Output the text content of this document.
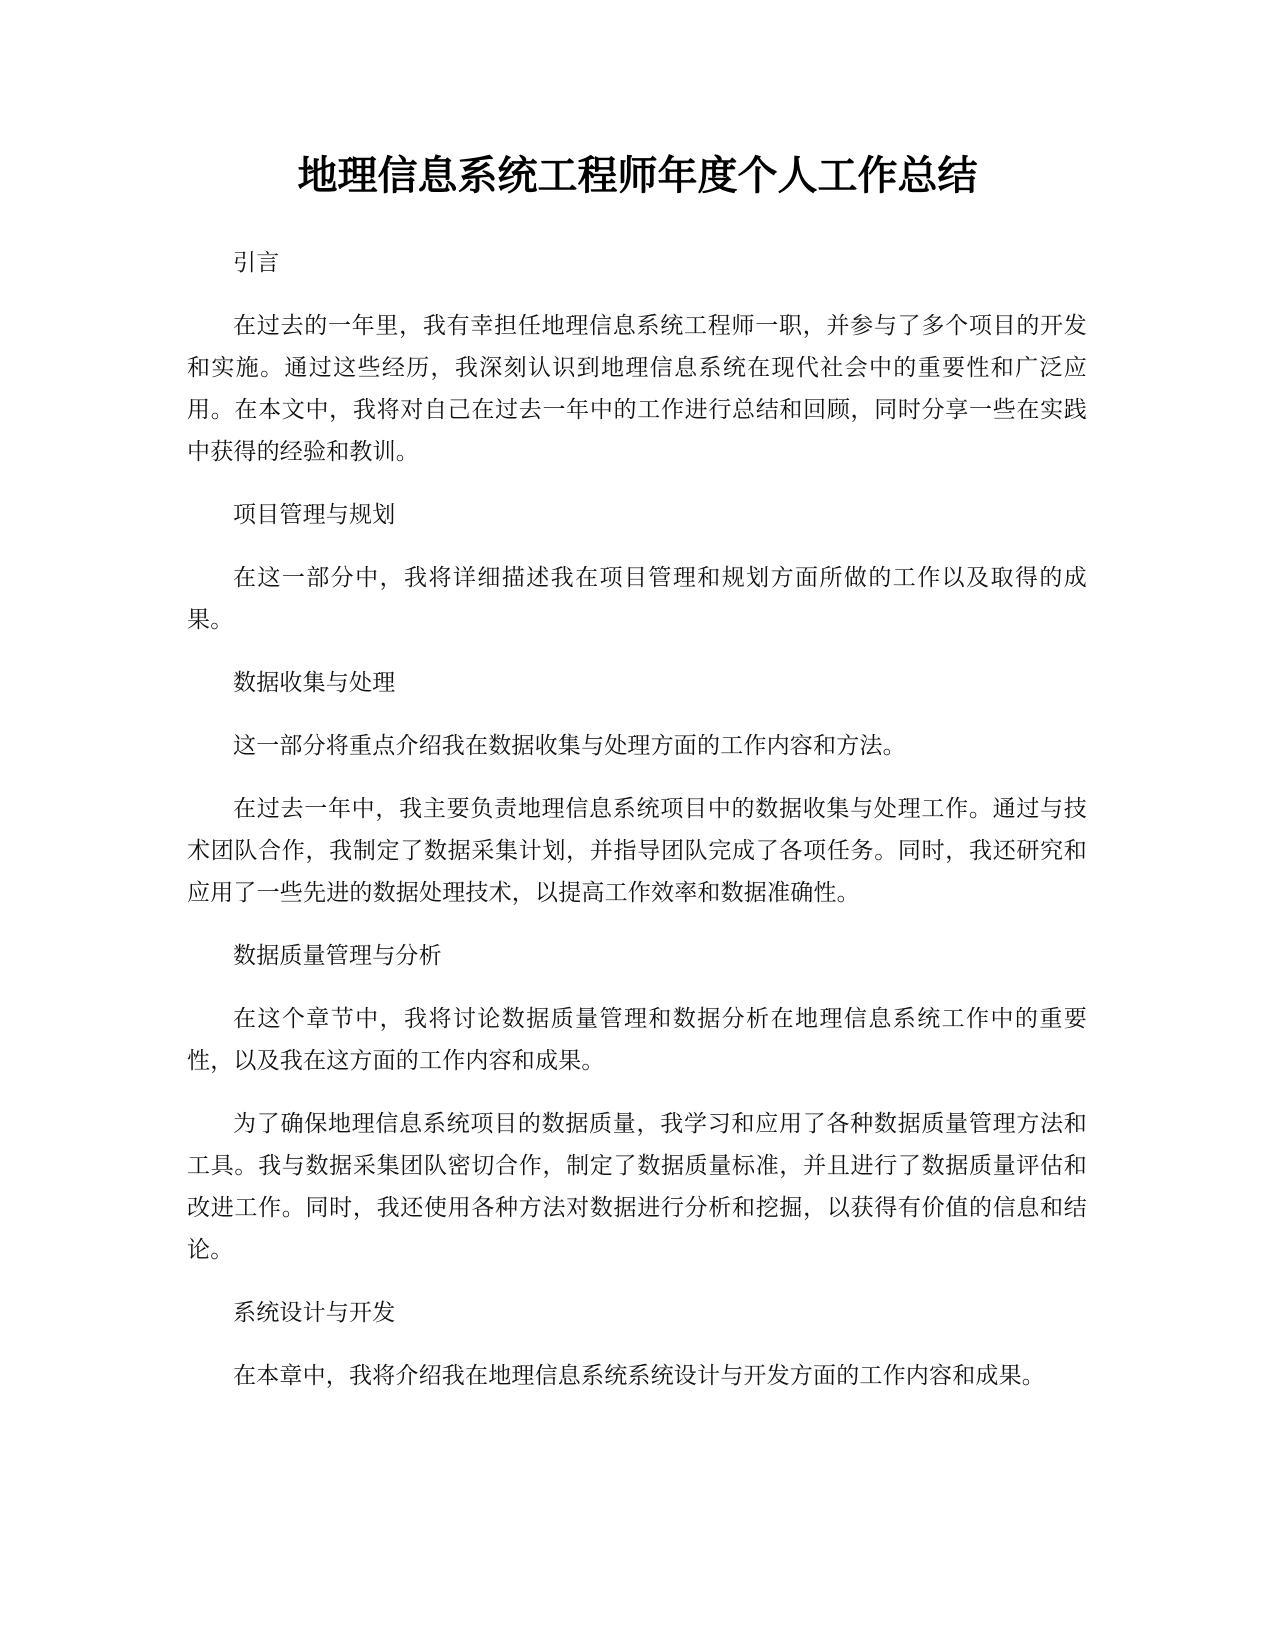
地理信息系统工程师年度个人工作总结

引言

在过去的一年里，我有幸担任地理信息系统工程师一职，并参与了多个项目的开发和实施。通过这些经历，我深刻认识到地理信息系统在现代社会中的重要性和广泛应用。在本文中，我将对自己在过去一年中的工作进行总结和回顾，同时分享一些在实践中获得的经验和教训。

项目管理与规划

在这一部分中，我将详细描述我在项目管理和规划方面所做的工作以及取得的成果。

数据收集与处理

这一部分将重点介绍我在数据收集与处理方面的工作内容和方法。

在过去一年中，我主要负责地理信息系统项目中的数据收集与处理工作。通过与技术团队合作，我制定了数据采集计划，并指导团队完成了各项任务。同时，我还研究和应用了一些先进的数据处理技术，以提高工作效率和数据准确性。

数据质量管理与分析

在这个章节中，我将讨论数据质量管理和数据分析在地理信息系统工作中的重要性，以及我在这方面的工作内容和成果。

为了确保地理信息系统项目的数据质量，我学习和应用了各种数据质量管理方法和工具。我与数据采集团队密切合作，制定了数据质量标准，并且进行了数据质量评估和改进工作。同时，我还使用各种方法对数据进行分析和挖掘，以获得有价值的信息和结论。

系统设计与开发

在本章中，我将介绍我在地理信息系统系统设计与开发方面的工作内容和成果。
